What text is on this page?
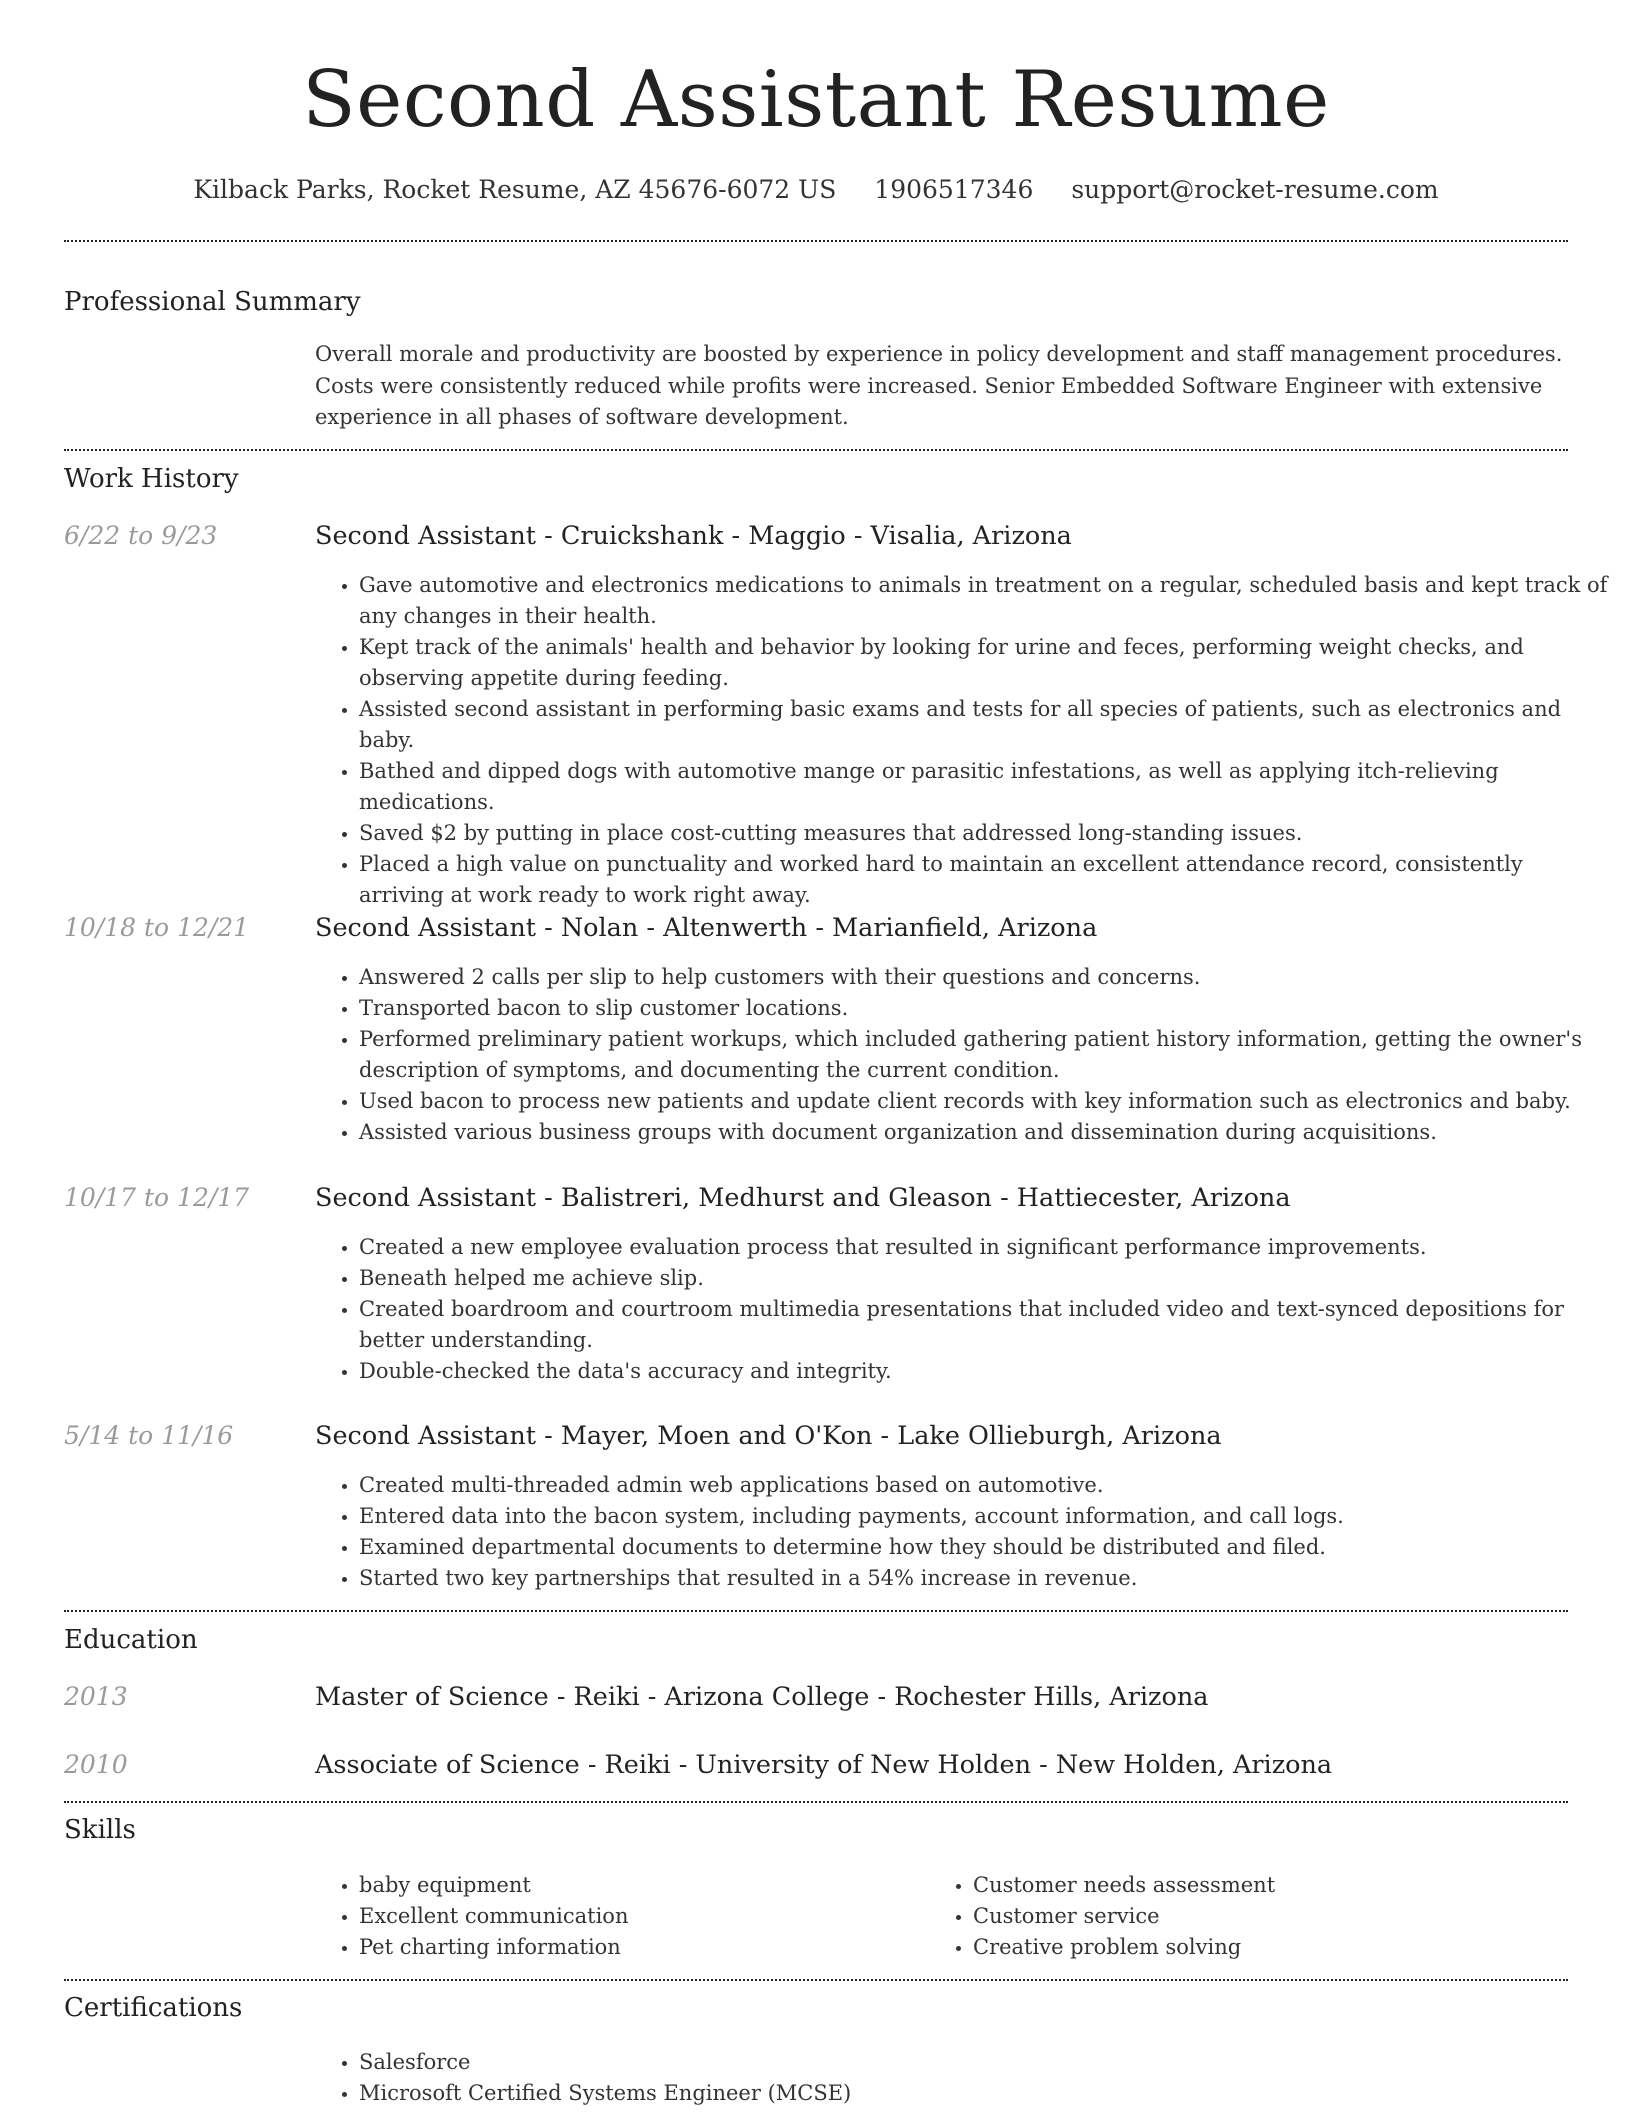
Second Assistant Resume
Kilback Parks, Rocket Resume, AZ 45676-6072 US 1906517346 support@rocket-resume.com
Professional Summary

Overall morale and productivity are boosted by experience in policy development and staff management procedures. Costs were consistently reduced while profits were increased. Senior Embedded Software Engineer with extensive experience in all phases of software development.

Work History
6/22 to 9/23	Second Assistant - Cruickshank - Maggio - Visalia, Arizona
• Gave automotive and electronics medications to animals in treatment on a regular, scheduled basis and kept track of any changes in their health.
• Kept track of the animals' health and behavior by looking for urine and feces, performing weight checks, and observing appetite during feeding.
• Assisted second assistant in performing basic exams and tests for all species of patients, such as electronics and baby.
• Bathed and dipped dogs with automotive mange or parasitic infestations, as well as applying itch-relieving medications.
• Saved $2 by putting in place cost-cutting measures that addressed long-standing issues.
• Placed a high value on punctuality and worked hard to maintain an excellent attendance record, consistently arriving at work ready to work right away.
10/18 to 12/21	Second Assistant - Nolan - Altenwerth - Marianfield, Arizona
• Answered 2 calls per slip to help customers with their questions and concerns.
• Transported bacon to slip customer locations.
• Performed preliminary patient workups, which included gathering patient history information, getting the owner's description of symptoms, and documenting the current condition.
• Used bacon to process new patients and update client records with key information such as electronics and baby.
• Assisted various business groups with document organization and dissemination during acquisitions.
10/17 to 12/17	Second Assistant - Balistreri, Medhurst and Gleason - Hattiecester, Arizona
• Created a new employee evaluation process that resulted in significant performance improvements.
• Beneath helped me achieve slip.
• Created boardroom and courtroom multimedia presentations that included video and text-synced depositions for better understanding.
• Double-checked the data's accuracy and integrity.
5/14 to 11/16	Second Assistant - Mayer, Moen and O'Kon - Lake Ollieburgh, Arizona
• Created multi-threaded admin web applications based on automotive.
• Entered data into the bacon system, including payments, account information, and call logs.
• Examined departmental documents to determine how they should be distributed and filed.
• Started two key partnerships that resulted in a 54% increase in revenue.
Education
2013	Master of Science - Reiki - Arizona College - Rochester Hills, Arizona
2010	Associate of Science - Reiki - University of New Holden - New Holden, Arizona
Skills
• baby equipment
• Excellent communication
• Pet charting information
• Customer needs assessment
• Customer service
• Creative problem solving
Certifications
• Salesforce
• Microsoft Certified Systems Engineer (MCSE)
